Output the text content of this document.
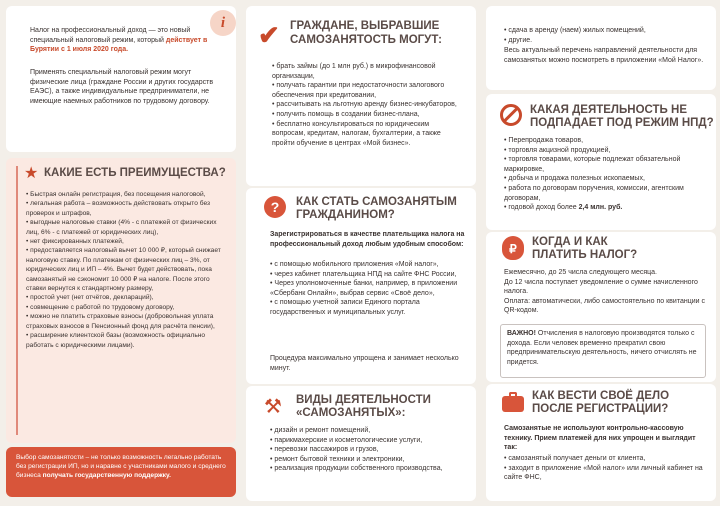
i
Налог на профессиональный доход — это новый специальный налоговый режим, который действует в Бурятии с 1 июля 2020 года.
Применять специальный налоговый режим могут физические лица (граждане России и других государств ЕАЭС), а также индивидуальные предприниматели, не имеющие наемных работников по трудовому договору.
★ КАКИЕ ЕСТЬ ПРЕИМУЩЕСТВА?
• Быстрая онлайн регистрация, без посещения налоговой,
• легальная работа – возможность действовать открыто без проверок и штрафов,
• выгодные налоговые ставки (4% - с платежей от физических лиц, 6% - с платежей от юридических лиц),
• нет фиксированных платежей,
• предоставляется налоговый вычет 10 000 ₽, который снижает налоговую ставку. По платежам от физических лиц – 3%, от юридических лиц и ИП – 4%. Вычет будет действовать, пока самозанятый не сэкономит 10 000 ₽ на налоге. После этого ставки вернутся к стандартному размеру,
• простой учет (нет отчётов, деклараций),
• совмещение с работой по трудовому договору,
• можно не платить страховые взносы (добровольная уплата страховых взносов в Пенсионный фонд для расчёта пенсии),
• расширение клиентской базы (возможность официально работать с юридическими лицами).
Выбор самозанятости – не только возможность легально работать без регистрации ИП, но и наравне с участниками малого и среднего бизнеса получать государственную поддержку.
✔ ГРАЖДАНЕ, ВЫБРАВШИЕ
САМОЗАНЯТОСТЬ МОГУТ:
• брать займы (до 1 млн руб.) в микрофинансовой организации,
• получать гарантии при недостаточности залогового обеспечения при кредитовании,
• рассчитывать на льготную аренду бизнес-инкубаторов,
• получить помощь в создании бизнес-плана,
• бесплатно консультироваться по юридическим вопросам, кредитам, налогам, бухгалтерии, а также пройти обучение в центрах «Мой бизнес».
?	КАК СТАТЬ САМОЗАНЯТЫМ
ГРАЖДАНИНОМ?
Зарегистрироваться в качестве плательщика налога на профессиональный доход любым удобным способом:
• с помощью мобильного приложения «Мой налог»,
• через кабинет плательщика НПД на сайте ФНС России,
• Через уполномоченные банки, например, в приложении «Сбербанк Онлайн», выбрав сервис «Своё дело»,
• с помощью учетной записи Единого портала государственных и муниципальных услуг.
Процедура максимально упрощена и занимает несколько минут.
⚒ ВИДЫ ДЕЯТЕЛЬНОСТИ
«САМОЗАНЯТЫХ»:
• дизайн и ремонт помещений,
• парикмахерские и косметологические услуги,
• перевозки пассажиров и грузов,
• ремонт бытовой техники и электроники,
• реализация продукции собственного производства,
• сдача в аренду (наем) жилых помещений,
• другие.
Весь актуальный перечень направлений деятельности для самозанятых можно посмотреть в приложении «Мой Налог».
КАКАЯ ДЕЯТЕЛЬНОСТЬ НЕ
ПОДПАДАЕТ ПОД РЕЖИМ НПД?
• Перепродажа товаров,
• торговля акцизной продукцией,
• торговля товарами, которые подлежат обязательной маркировке,
• добыча и продажа полезных ископаемых,
• работа по договорам поручения, комиссии, агентским договорам,
• годовой доход более 2,4 млн. руб.
₽	КОГДА И КАК
ПЛАТИТЬ НАЛОГ?
Ежемесячно, до 25 числа следующего месяца.
До 12 числа поступает уведомление о сумме начисленного налога.
Оплата: автоматически, либо самостоятельно по квитанции с QR-кодом.
ВАЖНО! Отчисления в налоговую производятся только с дохода. Если человек временно прекратил свою предпринимательскую деятельность, ничего отчислять не придется.
КАК ВЕСТИ СВОЁ ДЕЛО
ПОСЛЕ РЕГИСТРАЦИИ?
Самозанятые не используют контрольно-кассовую технику. Прием платежей для них упрощен и выглядит так:
• самозанятый получает деньги от клиента,
• заходит в приложение «Мой налог» или личный кабинет на сайте ФНС,
